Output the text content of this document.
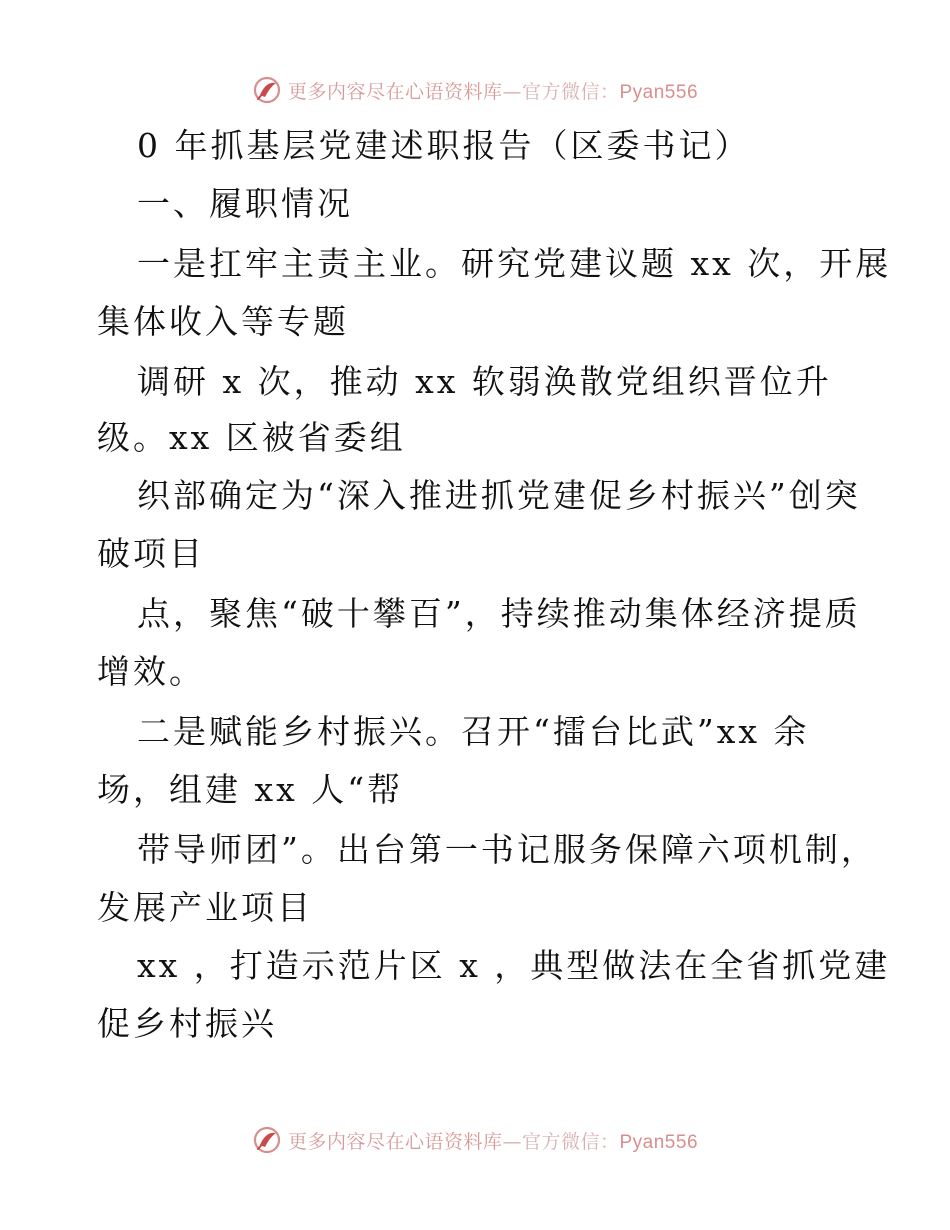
更多内容尽在心语资料库—官方微信：Pyan556
0 年抓基层党建述职报告（区委书记）
一、履职情况
一是扛牢主责主业。研究党建议题 xx 次，开展
集体收入等专题
调研 x 次，推动 xx 软弱涣散党组织晋位升
级。xx 区被省委组
织部确定为“深入推进抓党建促乡村振兴”创突
破项目
点，聚焦“破十攀百”，持续推动集体经济提质
增效。
二是赋能乡村振兴。召开“擂台比武”xx 余
场，组建 xx 人“帮
带导师团”。出台第一书记服务保障六项机制，
发展产业项目
xx ，打造示范片区 x ，典型做法在全省抓党建
促乡村振兴
更多内容尽在心语资料库—官方微信：Pyan556
